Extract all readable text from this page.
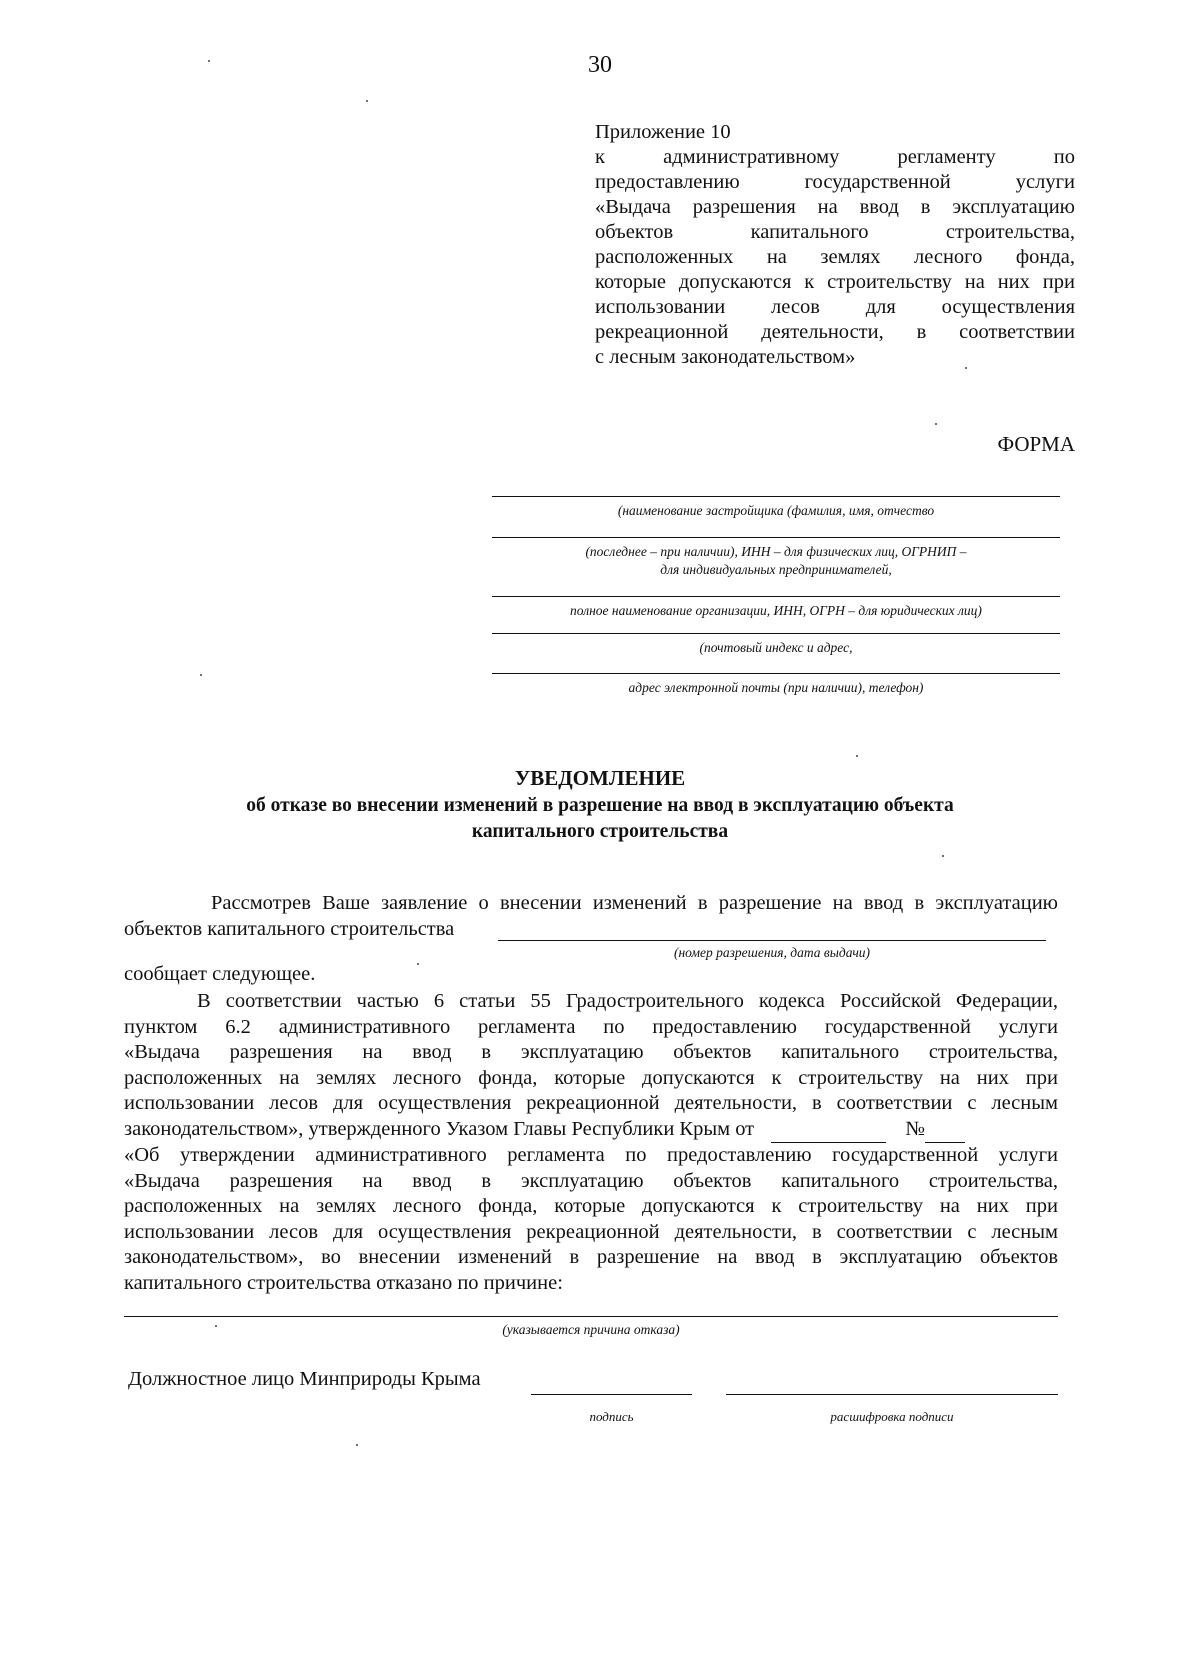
30
Приложение 10
к административному регламенту по
предоставлению государственной услуги
«Выдача разрешения на ввод в эксплуатацию
объектов капитального строительства,
расположенных на землях лесного фонда,
которые допускаются к строительству на них при
использовании лесов для осуществления
рекреационной деятельности, в соответствии
с лесным законодательством»
ФОРМА
(наименование застройщика (фамилия, имя, отчество
(последнее – при наличии), ИНН – для физических лиц, ОГРНИП –
для индивидуальных предпринимателей,
полное наименование организации, ИНН, ОГРН – для юридических лиц)
(почтовый индекс и адрес,
адрес электронной почты (при наличии), телефон)
УВЕДОМЛЕНИЕ
об отказе во внесении изменений в разрешение на ввод в эксплуатацию объекта
капитального строительства
Рассмотрев Ваше заявление о внесении изменений в разрешение на ввод в эксплуатацию
объектов капитального строительства
(номер разрешения, дата выдачи)
сообщает следующее.
В соответствии частью 6 статьи 55 Градостроительного кодекса Российской Федерации,
пунктом 6.2 административного регламента по предоставлению государственной услуги
«Выдача разрешения на ввод в эксплуатацию объектов капитального строительства,
расположенных на землях лесного фонда, которые допускаются к строительству на них при
использовании лесов для осуществления рекреационной деятельности, в соответствии с лесным
законодательством», утвержденного Указом Главы Республики Крым от	№
«Об утверждении административного регламента по предоставлению государственной услуги
«Выдача разрешения на ввод в эксплуатацию объектов капитального строительства,
расположенных на землях лесного фонда, которые допускаются к строительству на них при
использовании лесов для осуществления рекреационной деятельности, в соответствии с лесным
законодательством», во внесении изменений в разрешение на ввод в эксплуатацию объектов
капитального строительства отказано по причине:
(указывается причина отказа)
Должностное лицо Минприроды Крыма
подпись	расшифровка подписи
